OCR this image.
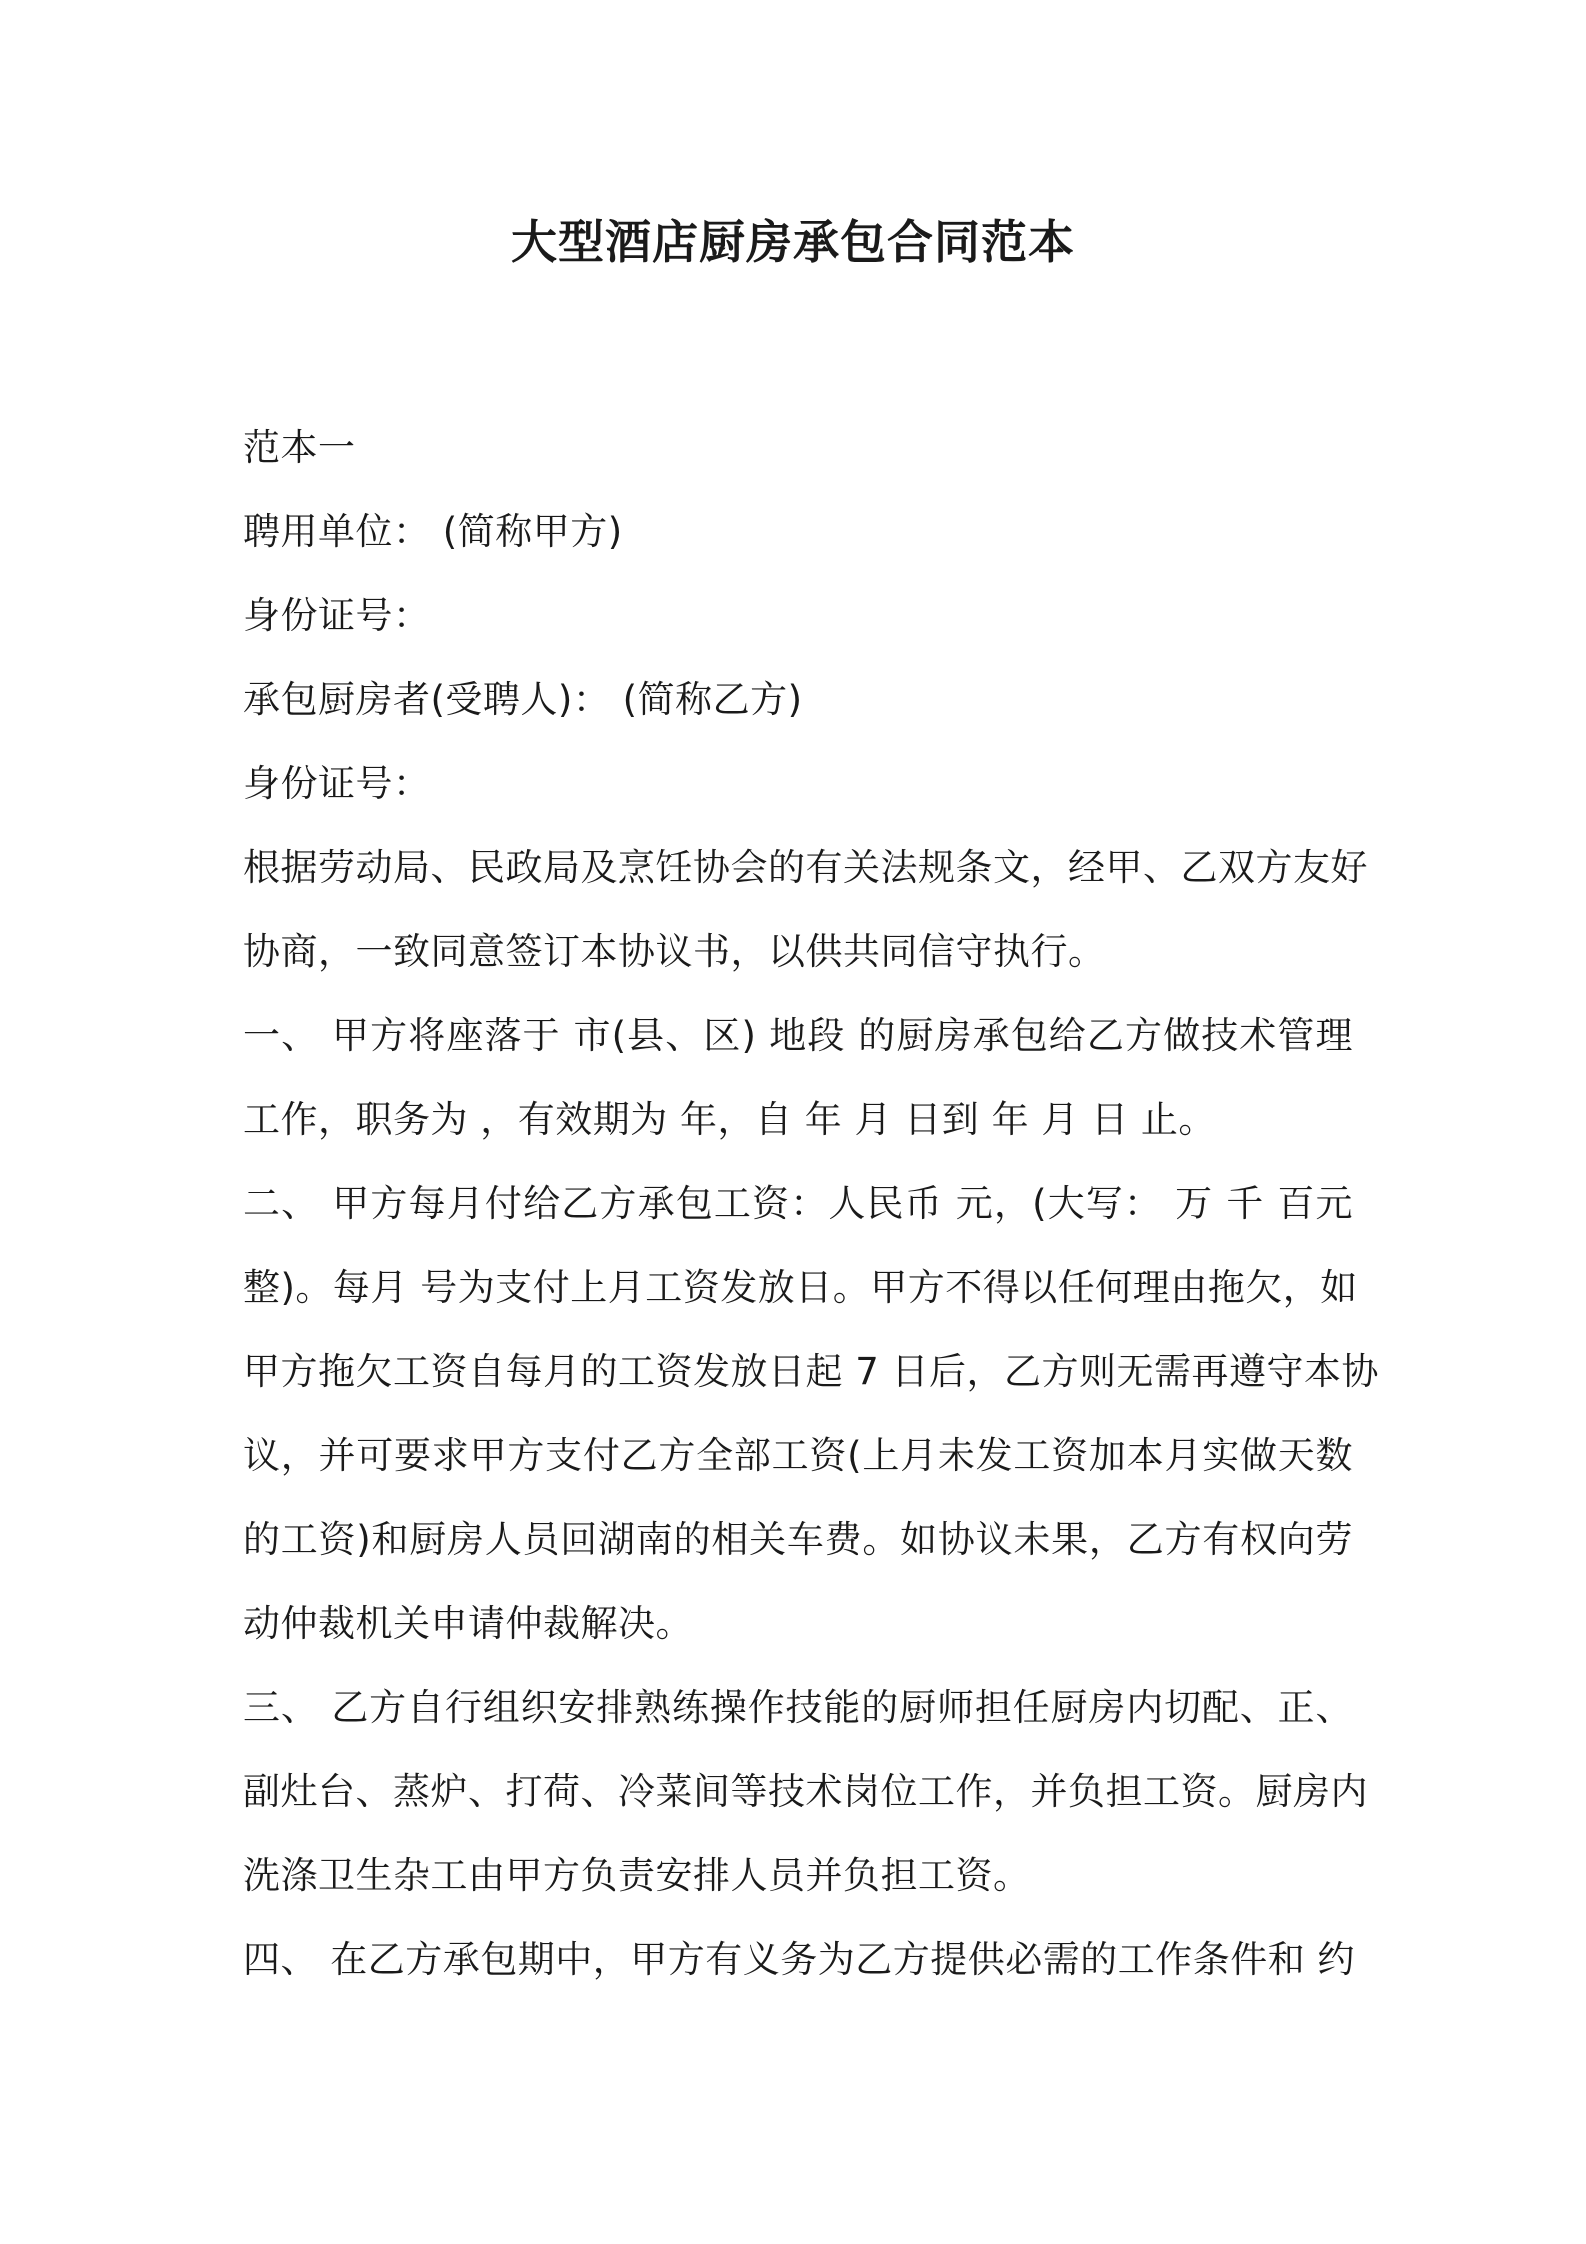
大型酒店厨房承包合同范本
范本一
聘用单位： (简称甲方)
身份证号：
承包厨房者(受聘人)： (简称乙方)
身份证号：
根据劳动局、民政局及烹饪协会的有关法规条文，经甲、乙双方友好
协商，一致同意签订本协议书，以供共同信守执行。
一、 甲方将座落于 市(县、区) 地段 的厨房承包给乙方做技术管理
工作，职务为 ，有效期为 年，自 年 月 日到 年 月 日 止。
二、 甲方每月付给乙方承包工资：人民币 元，(大写： 万 千 百元
整)。每月 号为支付上月工资发放日。甲方不得以任何理由拖欠，如
甲方拖欠工资自每月的工资发放日起 7 日后，乙方则无需再遵守本协
议，并可要求甲方支付乙方全部工资(上月未发工资加本月实做天数
的工资)和厨房人员回湖南的相关车费。如协议未果，乙方有权向劳
动仲裁机关申请仲裁解决。
三、 乙方自行组织安排熟练操作技能的厨师担任厨房内切配、正、
副灶台、蒸炉、打荷、冷菜间等技术岗位工作，并负担工资。厨房内
洗涤卫生杂工由甲方负责安排人员并负担工资。
四、 在乙方承包期中，甲方有义务为乙方提供必需的工作条件和 约
